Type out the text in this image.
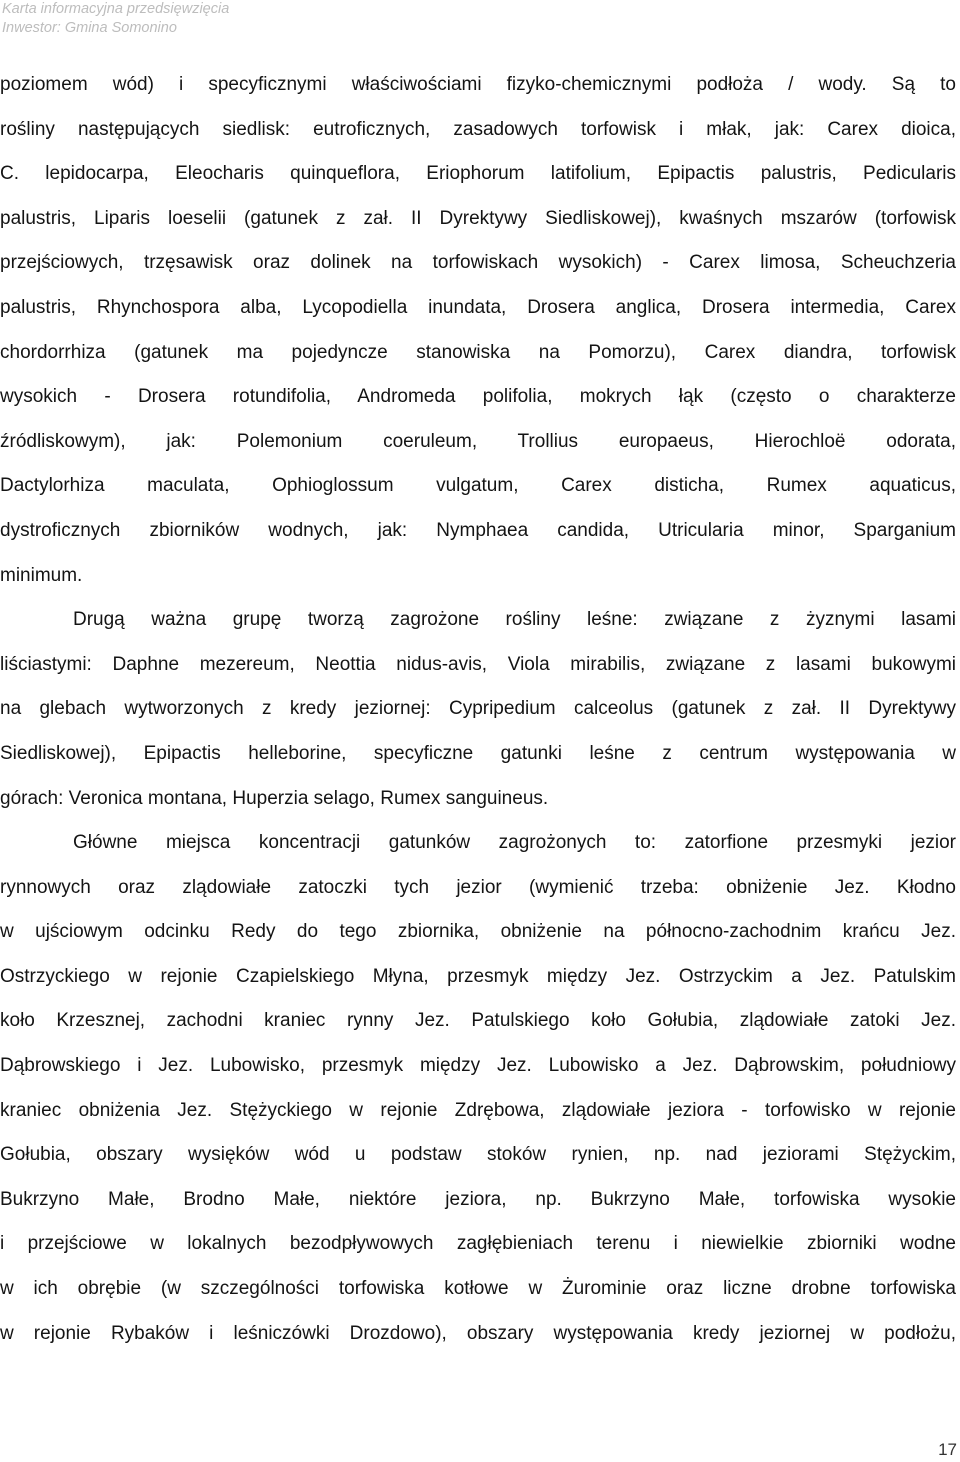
Karta informacyjna przedsięwzięcia
Inwestor: Gmina Somonino
poziomem wód) i specyficznymi właściwościami fizyko-chemicznymi podłoża / wody. Są to
rośliny następujących siedlisk: eutroficznych, zasadowych torfowisk i młak, jak: Carex dioica,
C. lepidocarpa, Eleocharis quinqueflora, Eriophorum latifolium, Epipactis palustris, Pedicularis
palustris, Liparis loeselii (gatunek z zał. II Dyrektywy Siedliskowej), kwaśnych mszarów (torfowisk
przejściowych, trzęsawisk oraz dolinek na torfowiskach wysokich) - Carex limosa, Scheuchzeria
palustris, Rhynchospora alba, Lycopodiella inundata, Drosera anglica, Drosera intermedia, Carex
chordorrhiza (gatunek ma pojedyncze stanowiska na Pomorzu), Carex diandra, torfowisk
wysokich - Drosera rotundifolia, Andromeda polifolia, mokrych łąk (często o charakterze
źródliskowym), jak: Polemonium coeruleum, Trollius europaeus, Hierochloë odorata,
Dactylorhiza maculata, Ophioglossum vulgatum, Carex disticha, Rumex aquaticus,
dystroficznych zbiorników wodnych, jak: Nymphaea candida, Utricularia minor, Sparganium
minimum.
Drugą ważna grupę tworzą zagrożone rośliny leśne: związane z żyznymi lasami
liściastymi: Daphne mezereum, Neottia nidus-avis, Viola mirabilis, związane z lasami bukowymi
na glebach wytworzonych z kredy jeziornej: Cypripedium calceolus (gatunek z zał. II Dyrektywy
Siedliskowej), Epipactis helleborine, specyficzne gatunki leśne z centrum występowania w
górach: Veronica montana, Huperzia selago, Rumex sanguineus.
Główne miejsca koncentracji gatunków zagrożonych to: zatorfione przesmyki jezior
rynnowych oraz zlądowiałe zatoczki tych jezior (wymienić trzeba: obniżenie Jez. Kłodno
w ujściowym odcinku Redy do tego zbiornika, obniżenie na północno-zachodnim krańcu Jez.
Ostrzyckiego w rejonie Czapielskiego Młyna, przesmyk między Jez. Ostrzyckim a Jez. Patulskim
koło Krzesznej, zachodni kraniec rynny Jez. Patulskiego koło Gołubia, zlądowiałe zatoki Jez.
Dąbrowskiego i Jez. Lubowisko, przesmyk między Jez. Lubowisko a Jez. Dąbrowskim, południowy
kraniec obniżenia Jez. Stężyckiego w rejonie Zdrębowa, zlądowiałe jeziora - torfowisko w rejonie
Gołubia, obszary wysięków wód u podstaw stoków rynien, np. nad jeziorami Stężyckim,
Bukrzyno Małe, Brodno Małe, niektóre jeziora, np. Bukrzyno Małe, torfowiska wysokie
i przejściowe w lokalnych bezodpływowych zagłębieniach terenu i niewielkie zbiorniki wodne
w ich obrębie (w szczególności torfowiska kotłowe w Żurominie oraz liczne drobne torfowiska
w rejonie Rybaków i leśniczówki Drozdowo), obszary występowania kredy jeziornej w podłożu,
17
